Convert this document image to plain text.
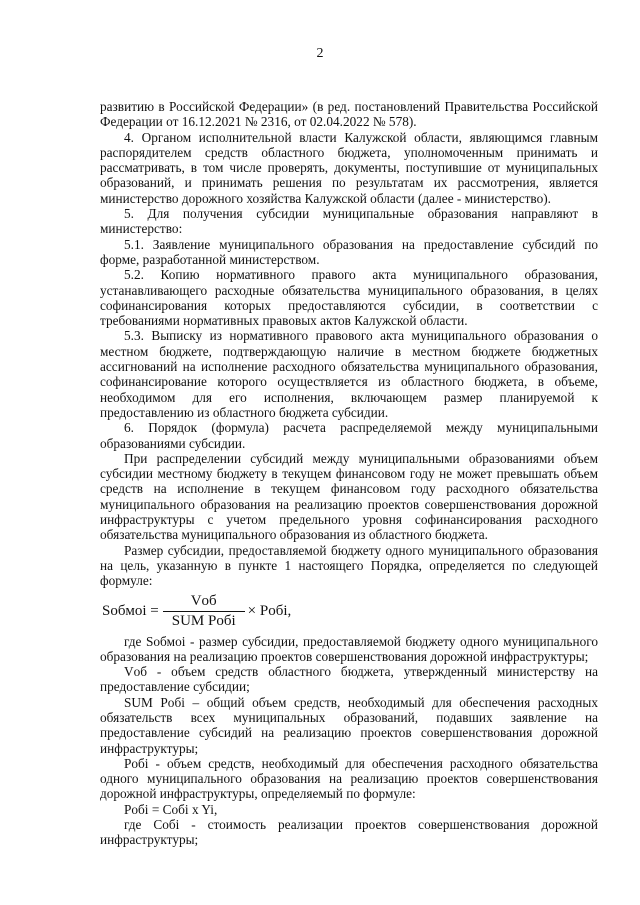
2

развитию в Российской Федерации» (в ред. постановлений Правительства Российской Федерации от 16.12.2021 № 2316, от 02.04.2022 № 578).

4. Органом исполнительной власти Калужской области, являющимся главным распорядителем средств областного бюджета, уполномоченным принимать и рассматривать, в том числе проверять, документы, поступившие от муниципальных образований, и принимать решения по результатам их рассмотрения, является министерство дорожного хозяйства Калужской области (далее - министерство).

5. Для получения субсидии муниципальные образования направляют в министерство:

5.1. Заявление муниципального образования на предоставление субсидий по форме, разработанной министерством.

5.2. Копию нормативного правого акта муниципального образования, устанавливающего расходные обязательства муниципального образования, в целях софинансирования которых предоставляются субсидии, в соответствии с требованиями нормативных правовых актов Калужской области.

5.3. Выписку из нормативного правового акта муниципального образования о местном бюджете, подтверждающую наличие в местном бюджете бюджетных ассигнований на исполнение расходного обязательства муниципального образования, софинансирование которого осуществляется из областного бюджета, в объеме, необходимом для его исполнения, включающем размер планируемой к предоставлению из областного бюджета субсидии.

6. Порядок (формула) расчета распределяемой между муниципальными образованиями субсидии.

При распределении субсидий между муниципальными образованиями объем субсидии местному бюджету в текущем финансовом году не может превышать объем средств на исполнение в текущем финансовом году расходного обязательства муниципального образования на реализацию проектов совершенствования дорожной инфраструктуры с учетом предельного уровня софинансирования расходного обязательства муниципального образования из областного бюджета.

Размер субсидии, предоставляемой бюджету одного муниципального образования на цель, указанную в пункте 1 настоящего Порядка, определяется по следующей формуле:

Sобмоi = $\frac{\text{Vоб}}{\text{SUM Pобi}}$ × Pобi,

где Sобмоi - размер субсидии, предоставляемой бюджету одного муниципального образования на реализацию проектов совершенствования дорожной инфраструктуры;

Vоб - объем средств областного бюджета, утвержденный министерству на предоставление субсидии;

SUM Pобi – общий объем средств, необходимый для обеспечения расходных обязательств всех муниципальных образований, подавших заявление на предоставление субсидий на реализацию проектов совершенствования дорожной инфраструктуры;

Pобi - объем средств, необходимый для обеспечения расходного обязательства одного муниципального образования на реализацию проектов совершенствования дорожной инфраструктуры, определяемый по формуле:

Pобi = Cобi x Yi,

где Cобi - стоимость реализации проектов совершенствования дорожной инфраструктуры;
